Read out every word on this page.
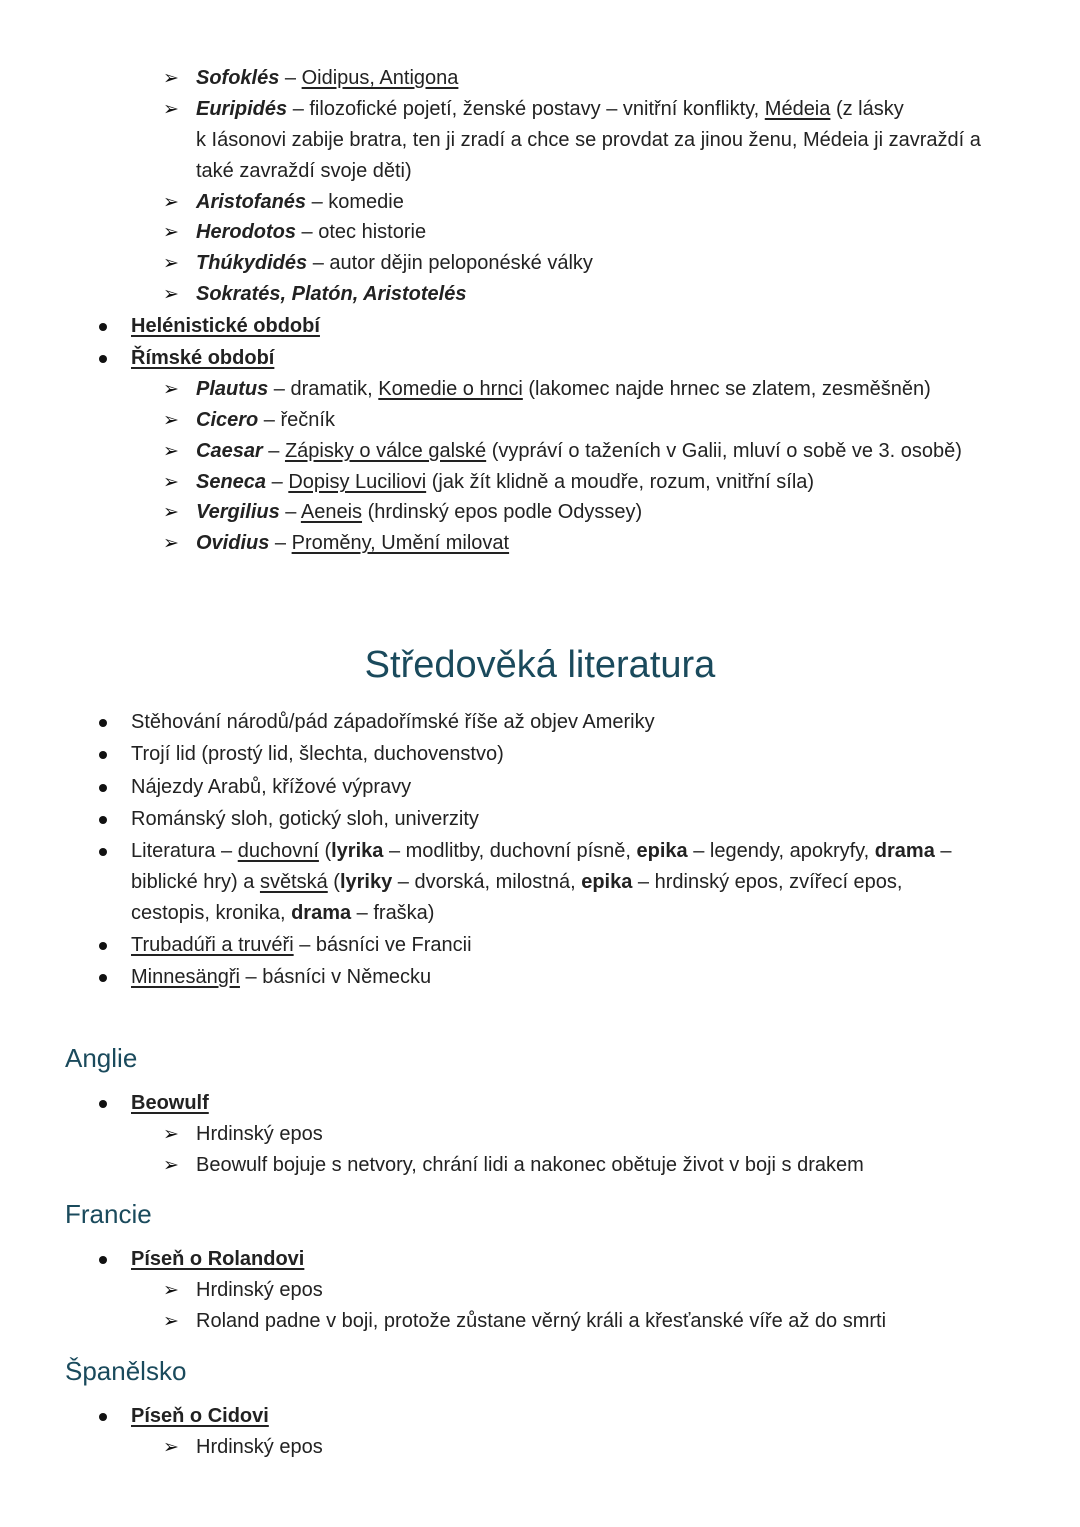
➢ Sofoklés – Oidipus, Antigona
➢ Euripidés – filozofické pojetí, ženské postavy – vnitřní konflikty, Médeia (z lásky
k Iásonovi zabije bratra, ten ji zradí a chce se provdat za jinou ženu, Médeia ji zavraždí a
také zavraždí svoje děti)
➢ Aristofanés – komedie
➢ Herodotos – otec historie
➢ Thúkydidés – autor dějin peloponéské války
➢ Sokratés, Platón, Aristotelés
Helénistické období
Římské období
➢ Plautus – dramatik, Komedie o hrnci (lakomec najde hrnec se zlatem, zesměšněn)
➢ Cicero – řečník
➢ Caesar – Zápisky o válce galské (vypráví o taženích v Galii, mluví o sobě ve 3. osobě)
➢ Seneca – Dopisy Luciliovi (jak žít klidně a moudře, rozum, vnitřní síla)
➢ Vergilius – Aeneis (hrdinský epos podle Odyssey)
➢ Ovidius – Proměny, Umění milovat
Středověká literatura
Stěhování národů/pád západořímské říše až objev Ameriky
Trojí lid (prostý lid, šlechta, duchovenstvo)
Nájezdy Arabů, křížové výpravy
Románský sloh, gotický sloh, univerzity
Literatura – duchovní (lyrika – modlitby, duchovní písně, epika – legendy, apokryfy, drama –
biblické hry) a světská (lyriky – dvorská, milostná, epika – hrdinský epos, zvířecí epos,
cestopis, kronika, drama – fraška)
Trubadúři a truvéři – básníci ve Francii
Minnesängři – básníci v Německu
Anglie
Beowulf
➢ Hrdinský epos
➢ Beowulf bojuje s netvory, chrání lidi a nakonec obětuje život v boji s drakem
Francie
Píseň o Rolandovi
➢ Hrdinský epos
➢ Roland padne v boji, protože zůstane věrný králi a křesťanské víře až do smrti
Španělsko
Píseň o Cidovi
➢ Hrdinský epos
